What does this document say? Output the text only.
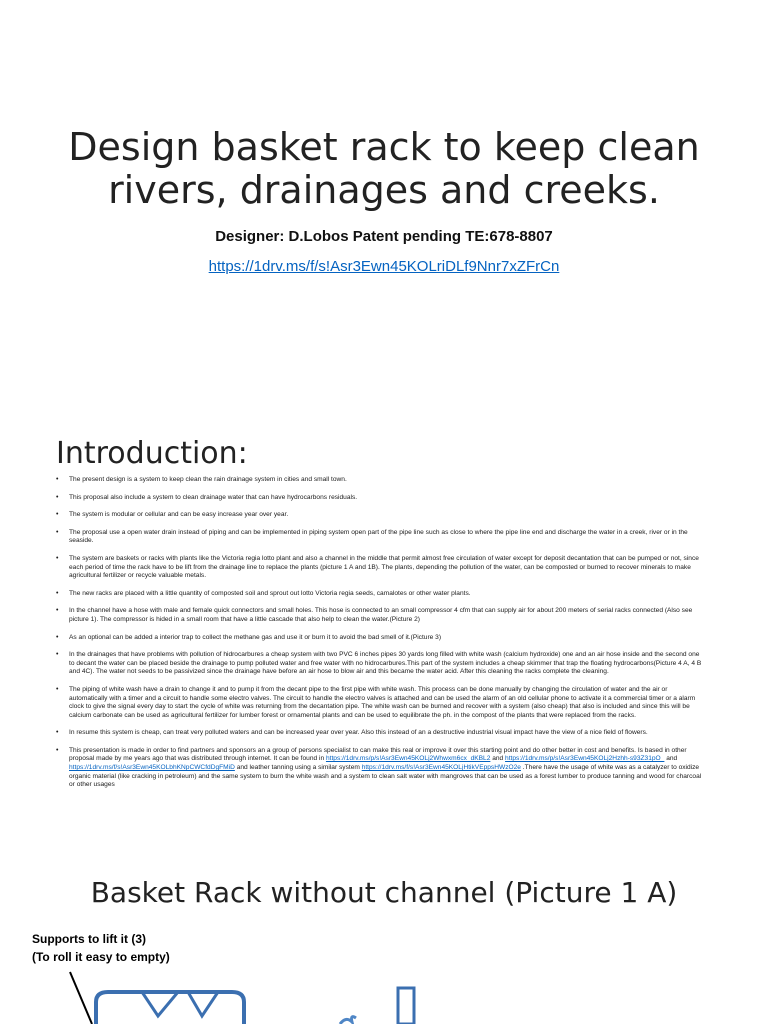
Design basket rack to keep clean rivers, drainages and creeks.
Designer: D.Lobos Patent pending TE:678-8807
https://1drv.ms/f/s!Asr3Ewn45KOLriDLf9Nnr7xZFrCn
Introduction:
• The present design is a system to keep clean the rain drainage system in cities and small town.
• This proposal also include a system to clean drainage water that can have hydrocarbons residuals.
• The system is modular or cellular and can be easy increase year over year.
• The proposal use a open water drain instead of piping and can be implemented in piping system open part of the pipe line such as close to where the pipe line end and discharge the water in a creek, river or in the seaside.
• The system are baskets or racks with plants like the Victoria regia lotto plant and also a channel in the middle that permit almost free circulation of water except for deposit decantation that can be pumped or not, since each period of time the rack have to be lift from the drainage line to replace the plants (picture 1 A and 1B). The plants, depending the pollution of the water, can be composted or burned to recover minerals to make agricultural fertilizer or recycle valuable metals.
• The new racks are placed with a little quantity of composted soil and sprout out lotto Victoria regia seeds, camalotes or other water plants.
• In the channel have a hose with male and female quick connectors and small holes. This hose is connected to an small compressor 4 cfm that can supply air for about 200 meters of serial racks connected (Also see picture 1). The compressor is hided in a small room that have a little cascade that also help to clean the water.(Picture 2)
• As an optional can be added a interior trap to collect the methane gas and use it or burn it to avoid the bad smell of it.(Picture 3)
• In the drainages that have problems with pollution of hidrocarbures a cheap system with two PVC 6 inches pipes 30 yards long filled with white wash (calcium hydroxide) one and an air hose inside and the second one to decant the water can be placed beside the drainage to pump polluted water and free water with no hidrocarbures.This part of the system includes a cheap skimmer that trap the floating hydrocarbons(Picture 4 A, 4 B and 4C). The water not seeds to be passivized since the drainage have before an air hose to blow air and this became the water acid. After this cleaning the racks complete the cleaning.
• The piping of white wash have a drain to change it and to pump it from the decant pipe to the first pipe with white wash. This process can be done manually by changing the circulation of water and the air or automatically with a timer and a circuit to handle some electro valves. The circuit to handle the electro valves is attached and can be used the alarm of an old cellular phone to activate it a commercial timer or a alarm clock to give the signal every day to start the cycle of white was returning from the decantation pipe. The white wash can be burned and recover with a system (also cheap) that also is included and since this will be calcium carbonate can be used as agricultural fertilizer for lumber forest or ornamental plants and can be used to equilibrate the ph. in the compost of the plants that were replaced from the racks.
• In resume this system is cheap, can treat very polluted waters and can be increased year over year. Also this instead of an a destructive industrial visual impact have the view of a nice field of flowers.
• This presentation is made in order to find partners and sponsors an a group of persons specialist to can make this real or improve it over this starting point and do other better in cost and benefits. Is based in other proposal made by me years ago that was distributed through internet. It can be found in https://1drv.ms/p/s!Asr3Ewn45KOLj2Whwxm6cx_dKBL2 and https://1drv.ms/p/s!Asr3Ewn45KOLj2Hzhh-s93Z31pO_ and
https://1drv.ms/f/s!Asr3Ewn45KOLbhKNpCWCfdDgFMiD and leather tanning using a similar system https://1drv.ms/f/s!Asr3Ewn45KOLjHtikVEppsHWzO2e .There have the usage of white was as a catalyzer to oxidize organic material (like cracking in petroleum) and the same system to burn the white wash and a system to clean salt water with mangroves that can be used as a forest lumber to produce tanning and wood for charcoal or other usages
Basket Rack without channel (Picture 1 A)
Supports to lift it (3)
(To roll it easy to empty)
